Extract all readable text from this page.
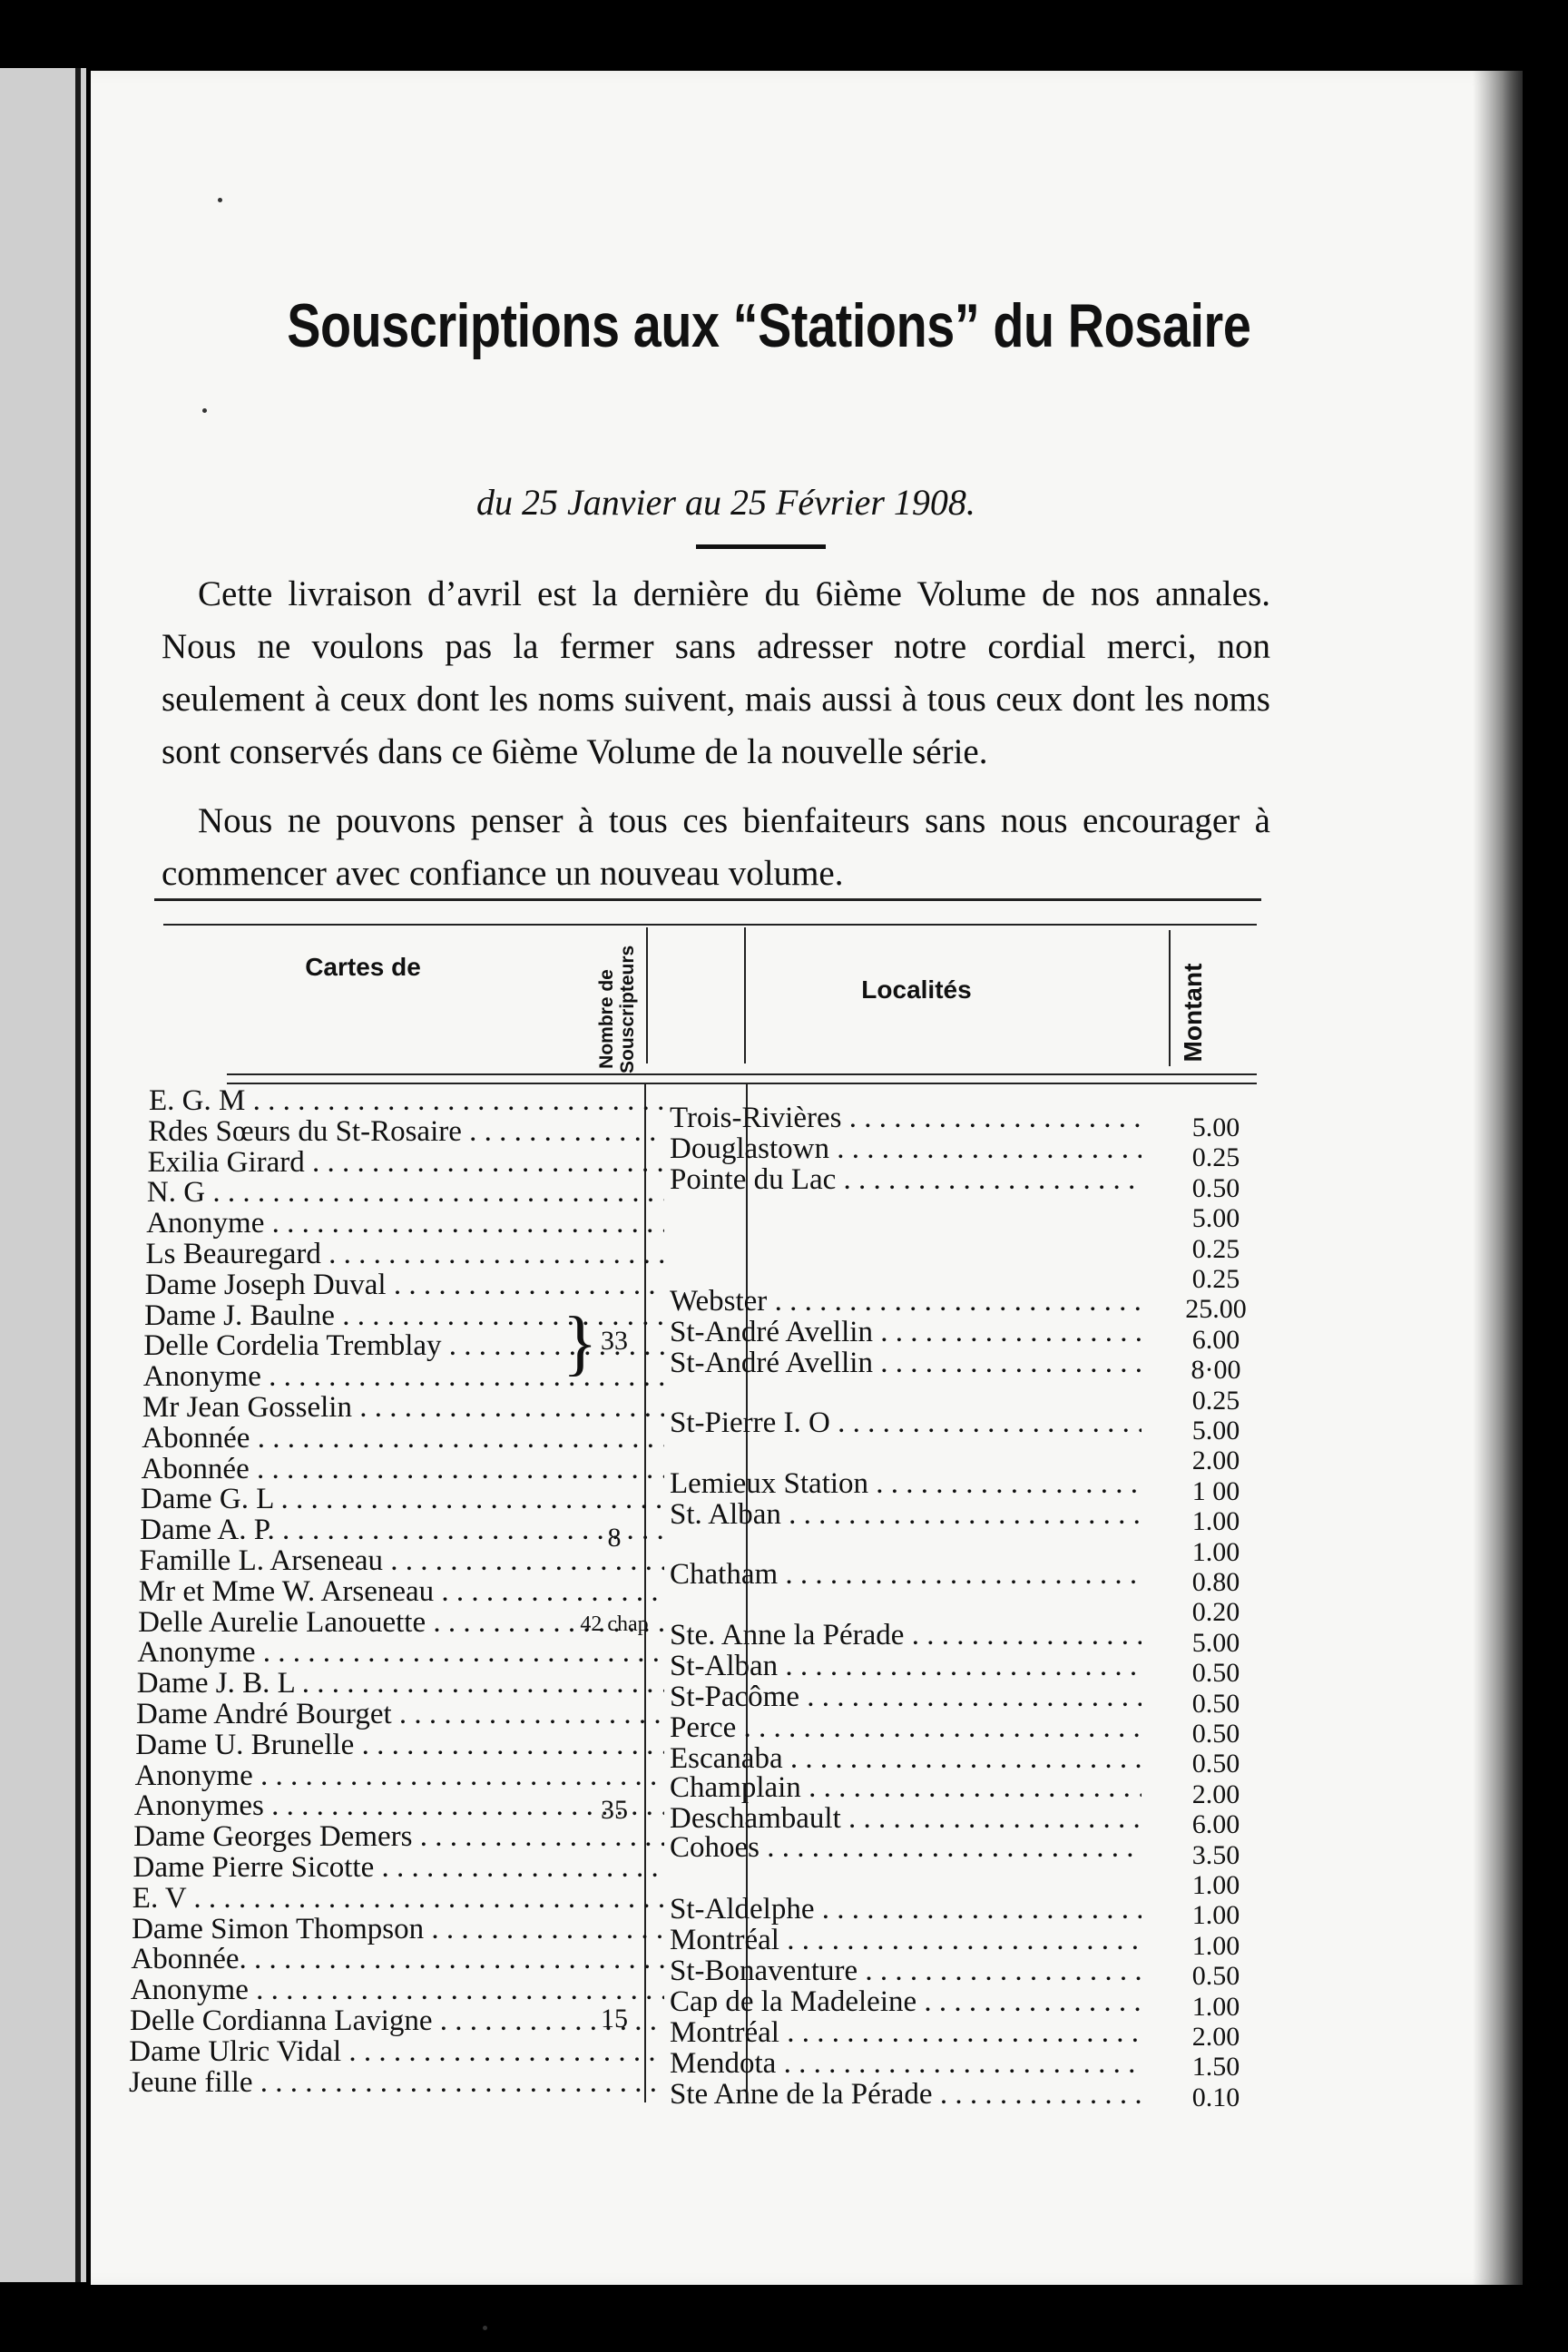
Souscriptions aux “Stations” du Rosaire
du 25 Janvier au 25 Février 1908.
Cette livraison d’avril est la dernière du 6ième Volume de nos annales. Nous ne voulons pas la fermer sans adresser notre cordial merci, non seulement à ceux dont les noms suivent, mais aussi à tous ceux dont les noms sont conservés dans ce 6ième Volume de la nouvelle série.
Nous ne pouvons penser à tous ces bienfaiteurs sans nous encourager à commencer avec confiance un nouveau volume.
Cartes de
Nombre de Souscripteurs	Localités	Montant
E. G. M . . .
Rdes Sœurs du St-Rosaire . . .
Exilia Girard . . .
N. G . . .
Anonyme . . .
Ls Beauregard . . .
Dame Joseph Duval . . .
Dame J. Baulne . . .
Delle Cordelia Tremblay . . .
Anonyme . . .
Mr Jean Gosselin . . .
Abonnée . . .
Abonnée . . .
Dame G. L . . .
Dame A. P. . . .
Famille L. Arseneau . . .
Mr et Mme W. Arseneau . . .
Delle Aurelie Lanouette . . .
Anonyme . . .
Dame J. B. L . . .
Dame André Bourget . . .
Dame U. Brunelle . . .
Anonyme . . .
Anonymes . . .
Dame Georges Demers . . .
Dame Pierre Sicotte . . .
E. V . . .
Dame Simon Thompson . . .
Abonnée. . . .
Anonyme . . .
Delle Cordianna Lavigne . . .
Dame Ulric Vidal . . .
Jeune fille . . .
} 33
8
42 chap
35
15
Trois-Rivières . . .
Douglastown . . .
Pointe du Lac . . .
Webster . . .
St-André Avellin . . .
St-André Avellin . . .
St-Pierre I. O . . .
Lemieux Station . . .
St. Alban . . .
Chatham . . .
Ste. Anne la Pérade . . .
St-Alban . . .
St-Pacôme . . .
Perce . . .
Escanaba . . .
Champlain . . .
Deschambault . . .
Cohoes . . .
St-Aldelphe . . .
Montréal . . .
St-Bonaventure . . .
Cap de la Madeleine . . .
Montréal . . .
Mendota . . .
Ste Anne de la Pérade . . .
5.00
0.25
0.50
5.00
0.25
0.25
25.00
6.00
8·00
0.25
5.00
2.00
1 00
1.00
1.00
0.80
0.20
5.00
0.50
0.50
0.50
0.50
2.00
6.00
3.50
1.00
1.00
1.00
0.50
1.00
2.00
1.50
0.10
